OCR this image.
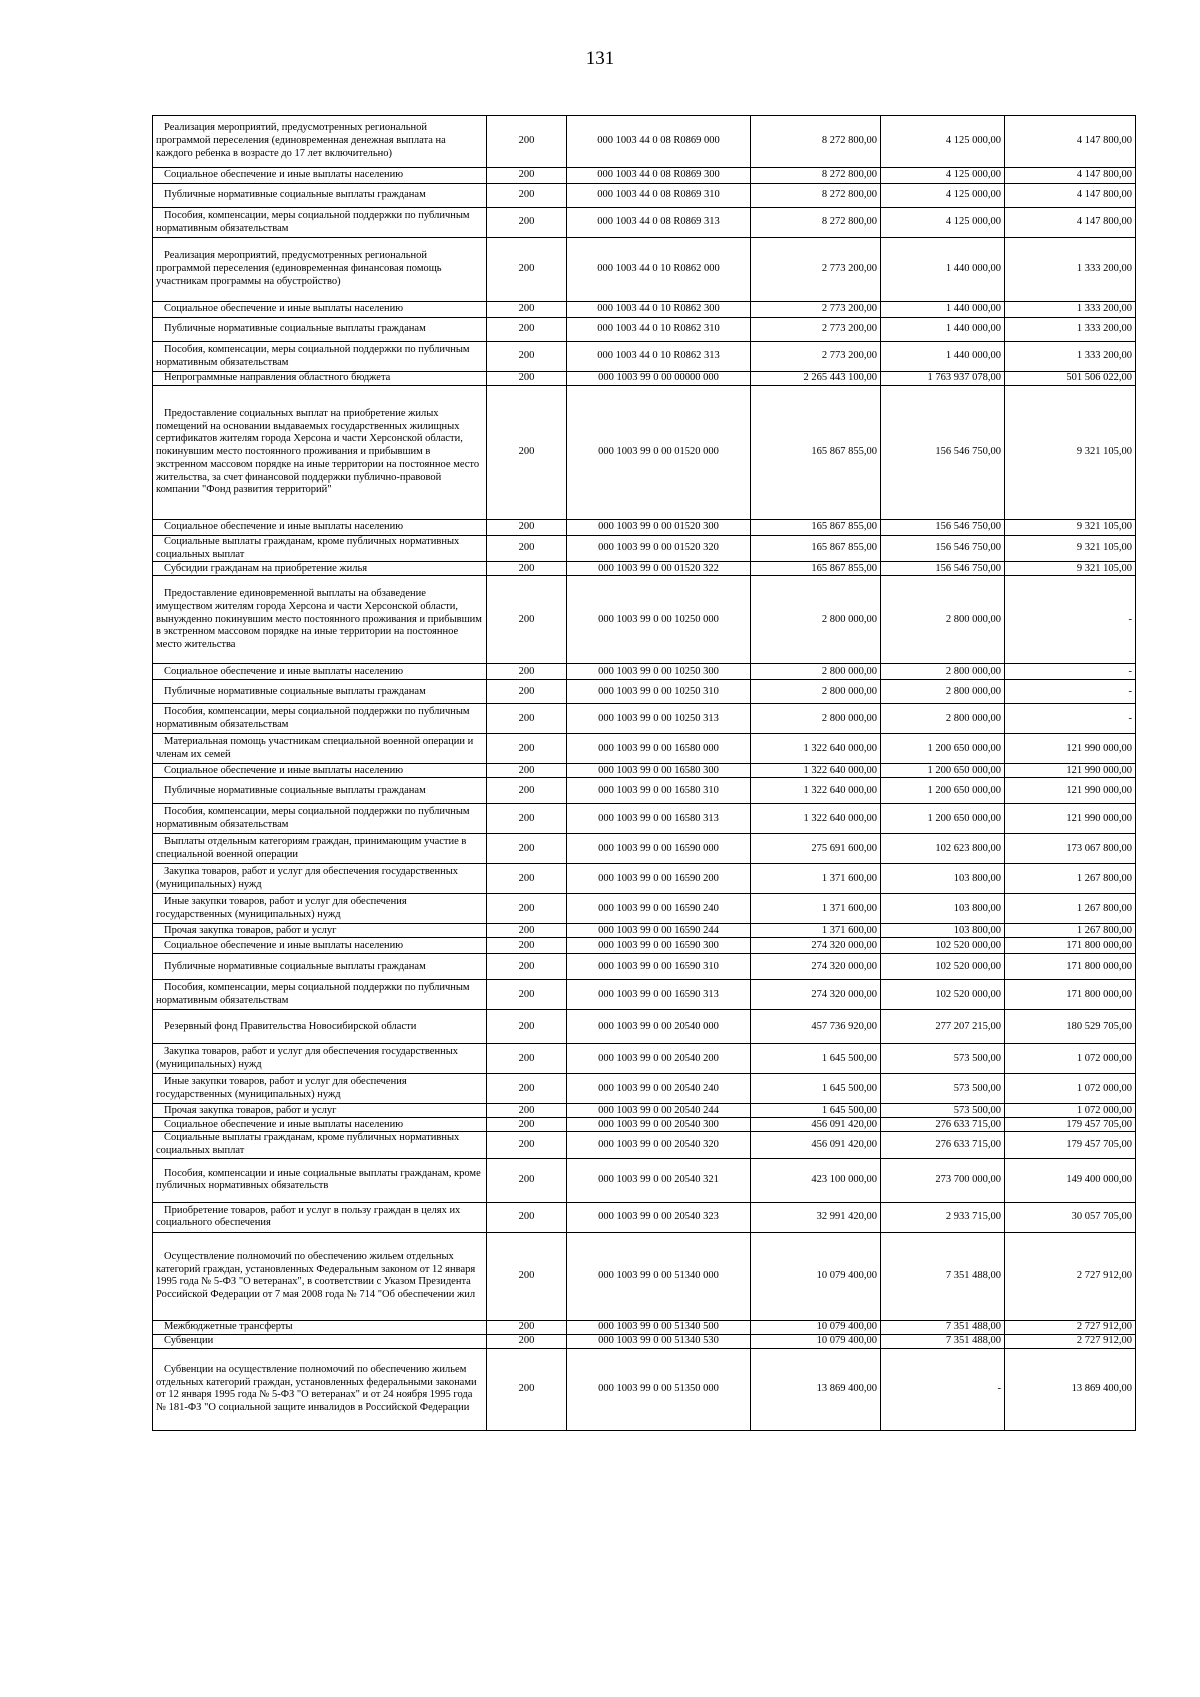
131
Реализация мероприятий, предусмотренных региональной программой переселения (единовременная денежная выплата на каждого ребенка в возрасте до 17 лет включительно)	200	000 1003 44 0 08 R0869 000	8 272 800,00	4 125 000,00	4 147 800,00
Социальное обеспечение и иные выплаты населению	200	000 1003 44 0 08 R0869 300	8 272 800,00	4 125 000,00	4 147 800,00
Публичные нормативные социальные выплаты гражданам	200	000 1003 44 0 08 R0869 310	8 272 800,00	4 125 000,00	4 147 800,00
Пособия, компенсации, меры социальной поддержки по публичным нормативным обязательствам	200	000 1003 44 0 08 R0869 313	8 272 800,00	4 125 000,00	4 147 800,00
Реализация мероприятий, предусмотренных региональной программой переселения (единовременная финансовая помощь участникам программы на обустройство)	200	000 1003 44 0 10 R0862 000	2 773 200,00	1 440 000,00	1 333 200,00
Социальное обеспечение и иные выплаты населению	200	000 1003 44 0 10 R0862 300	2 773 200,00	1 440 000,00	1 333 200,00
Публичные нормативные социальные выплаты гражданам	200	000 1003 44 0 10 R0862 310	2 773 200,00	1 440 000,00	1 333 200,00
Пособия, компенсации, меры социальной поддержки по публичным нормативным обязательствам	200	000 1003 44 0 10 R0862 313	2 773 200,00	1 440 000,00	1 333 200,00
Непрограммные направления областного бюджета	200	000 1003 99 0 00 00000 000	2 265 443 100,00	1 763 937 078,00	501 506 022,00
Предоставление социальных выплат на приобретение жилых помещений на основании выдаваемых государственных жилищных сертификатов жителям города Херсона и части Херсонской области, покинувшим место постоянного проживания и прибывшим в экстренном массовом порядке на иные территории на постоянное место жительства, за счет финансовой поддержки публично-правовой компании "Фонд развития территорий"	200	000 1003 99 0 00 01520 000	165 867 855,00	156 546 750,00	9 321 105,00
Социальное обеспечение и иные выплаты населению	200	000 1003 99 0 00 01520 300	165 867 855,00	156 546 750,00	9 321 105,00
Социальные выплаты гражданам, кроме публичных нормативных социальных выплат	200	000 1003 99 0 00 01520 320	165 867 855,00	156 546 750,00	9 321 105,00
Субсидии гражданам на приобретение жилья	200	000 1003 99 0 00 01520 322	165 867 855,00	156 546 750,00	9 321 105,00
Предоставление единовременной выплаты на обзаведение имуществом жителям города Херсона и части Херсонской области, вынужденно покинувшим место постоянного проживания и прибывшим в экстренном массовом порядке на иные территории на постоянное место жительства	200	000 1003 99 0 00 10250 000	2 800 000,00	2 800 000,00	-
Социальное обеспечение и иные выплаты населению	200	000 1003 99 0 00 10250 300	2 800 000,00	2 800 000,00	-
Публичные нормативные социальные выплаты гражданам	200	000 1003 99 0 00 10250 310	2 800 000,00	2 800 000,00	-
Пособия, компенсации, меры социальной поддержки по публичным нормативным обязательствам	200	000 1003 99 0 00 10250 313	2 800 000,00	2 800 000,00	-
Материальная помощь участникам специальной военной операции и членам их семей	200	000 1003 99 0 00 16580 000	1 322 640 000,00	1 200 650 000,00	121 990 000,00
Социальное обеспечение и иные выплаты населению	200	000 1003 99 0 00 16580 300	1 322 640 000,00	1 200 650 000,00	121 990 000,00
Публичные нормативные социальные выплаты гражданам	200	000 1003 99 0 00 16580 310	1 322 640 000,00	1 200 650 000,00	121 990 000,00
Пособия, компенсации, меры социальной поддержки по публичным нормативным обязательствам	200	000 1003 99 0 00 16580 313	1 322 640 000,00	1 200 650 000,00	121 990 000,00
Выплаты отдельным категориям граждан, принимающим участие в специальной военной операции	200	000 1003 99 0 00 16590 000	275 691 600,00	102 623 800,00	173 067 800,00
Закупка товаров, работ и услуг для обеспечения государственных (муниципальных) нужд	200	000 1003 99 0 00 16590 200	1 371 600,00	103 800,00	1 267 800,00
Иные закупки товаров, работ и услуг для обеспечения государственных (муниципальных) нужд	200	000 1003 99 0 00 16590 240	1 371 600,00	103 800,00	1 267 800,00
Прочая закупка товаров, работ и услуг	200	000 1003 99 0 00 16590 244	1 371 600,00	103 800,00	1 267 800,00
Социальное обеспечение и иные выплаты населению	200	000 1003 99 0 00 16590 300	274 320 000,00	102 520 000,00	171 800 000,00
Публичные нормативные социальные выплаты гражданам	200	000 1003 99 0 00 16590 310	274 320 000,00	102 520 000,00	171 800 000,00
Пособия, компенсации, меры социальной поддержки по публичным нормативным обязательствам	200	000 1003 99 0 00 16590 313	274 320 000,00	102 520 000,00	171 800 000,00
Резервный фонд Правительства Новосибирской области	200	000 1003 99 0 00 20540 000	457 736 920,00	277 207 215,00	180 529 705,00
Закупка товаров, работ и услуг для обеспечения государственных (муниципальных) нужд	200	000 1003 99 0 00 20540 200	1 645 500,00	573 500,00	1 072 000,00
Иные закупки товаров, работ и услуг для обеспечения государственных (муниципальных) нужд	200	000 1003 99 0 00 20540 240	1 645 500,00	573 500,00	1 072 000,00
Прочая закупка товаров, работ и услуг	200	000 1003 99 0 00 20540 244	1 645 500,00	573 500,00	1 072 000,00
Социальное обеспечение и иные выплаты населению	200	000 1003 99 0 00 20540 300	456 091 420,00	276 633 715,00	179 457 705,00
Социальные выплаты гражданам, кроме публичных нормативных социальных выплат	200	000 1003 99 0 00 20540 320	456 091 420,00	276 633 715,00	179 457 705,00
Пособия, компенсации и иные социальные выплаты гражданам, кроме публичных нормативных обязательств	200	000 1003 99 0 00 20540 321	423 100 000,00	273 700 000,00	149 400 000,00
Приобретение товаров, работ и услуг в пользу граждан в целях их социального обеспечения	200	000 1003 99 0 00 20540 323	32 991 420,00	2 933 715,00	30 057 705,00
Осуществление полномочий по обеспечению жильем отдельных категорий граждан, установленных Федеральным законом от 12 января 1995 года № 5-ФЗ "О ветеранах", в соответствии с Указом Президента Российской Федерации от 7 мая 2008 года № 714 "Об обеспечении жил	200	000 1003 99 0 00 51340 000	10 079 400,00	7 351 488,00	2 727 912,00
Межбюджетные трансферты	200	000 1003 99 0 00 51340 500	10 079 400,00	7 351 488,00	2 727 912,00
Субвенции	200	000 1003 99 0 00 51340 530	10 079 400,00	7 351 488,00	2 727 912,00
Субвенции на осуществление полномочий по обеспечению жильем отдельных категорий граждан, установленных федеральными законами от 12 января 1995 года № 5-ФЗ "О ветеранах" и от 24 ноября 1995 года № 181-ФЗ "О социальной защите инвалидов в Российской Федерации	200	000 1003 99 0 00 51350 000	13 869 400,00	-	13 869 400,00
